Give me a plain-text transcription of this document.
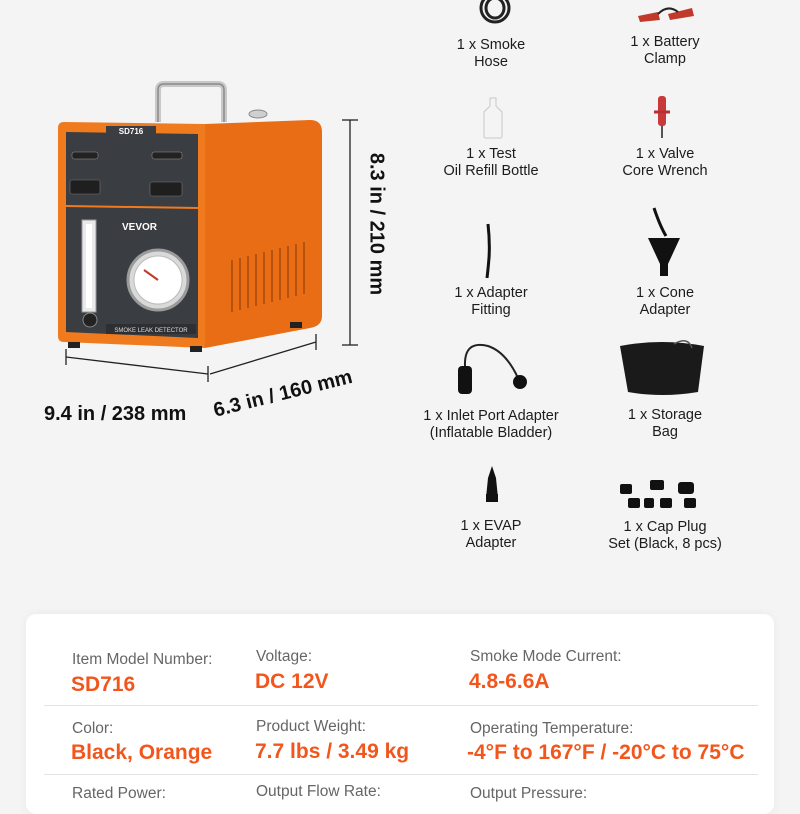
SD716
VEVOR
SMOKE LEAK DETECTOR
9.4 in / 238 mm 6.3 in / 160 mm
8.3 in / 210 mm
1 x Smoke
Hose
1 x Battery
Clamp
1 x Test
Oil Refill Bottle
1 x Valve
Core Wrench
1 x Adapter
Fitting
1 x Cone
Adapter
1 x Inlet Port Adapter
(Inflatable Bladder)
1 x Storage
Bag
1 x EVAP
Adapter
1 x Cap Plug
Set (Black, 8 pcs)
Item Model Number:
SD716
Voltage:
DC 12V
Smoke Mode Current:
4.8-6.6A
Color:
Black, Orange
Product Weight:
7.7 lbs / 3.49 kg
Operating Temperature:
-4°F to 167°F / -20°C to 75°C
Rated Power:	Output Flow Rate:	Output Pressure:
